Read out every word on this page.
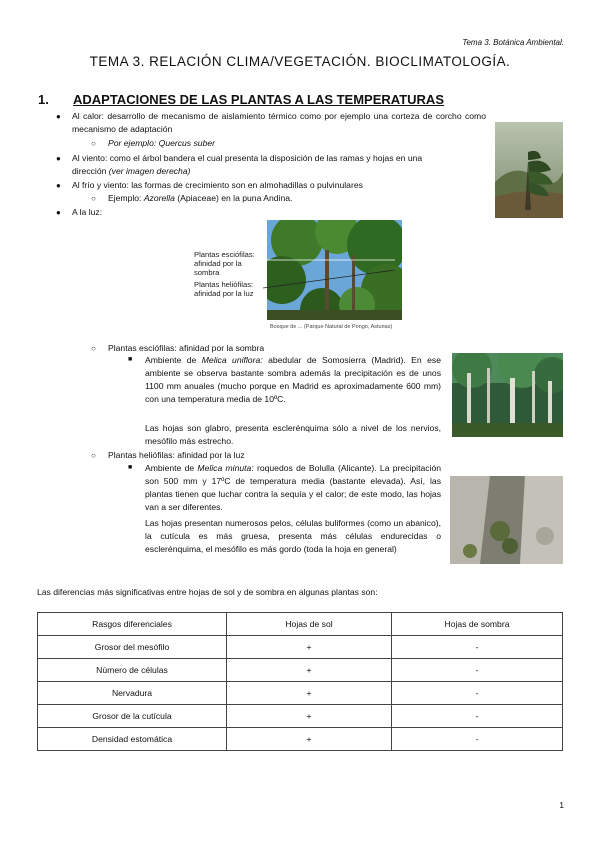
Tema 3. Botánica Ambiental.
TEMA 3. RELACIÓN CLIMA/VEGETACIÓN. BIOCLIMATOLOGÍA.
1. ADAPTACIONES DE LAS PLANTAS A LAS TEMPERATURAS
● Al calor: desarrollo de mecanismo de aislamiento térmico como por ejemplo una corteza de corcho como mecanismo de adaptación
○ Por ejemplo: Quercus suber
● Al viento: como el árbol bandera el cual presenta la disposición de las ramas y hojas en una
dirección (ver imagen derecha)
● Al frío y viento: las formas de crecimiento son en almohadillas o pulvinulares
○ Ejemplo: Azorella (Apiaceae) en la puna Andina.
● A la luz:
Plantas esciófilas: afinidad por la sombra
Plantas heliófilas: afinidad por la luz
Bosque de ... (Parque Natural de Pongo, Asturias)
○ Plantas esciófilas: afinidad por la sombra
■ Ambiente de Melica uniflora: abedular de Somosierra (Madrid). En ese ambiente se observa bastante sombra además la precipitación es de unos 1100 mm anuales (mucho porque en Madrid es aproximadamente 600 mm) con una temperatura media de 10ºC.
Las hojas son glabro, presenta esclerénquima sólo a nivel de los nervios, mesófilo más estrecho.
○ Plantas heliófilas: afinidad por la luz
■ Ambiente de Melica minuta: roquedos de Bolulla (Alicante). La precipitación son 500 mm y 17ºC de temperatura media (bastante elevada). Así, las plantas tienen que luchar contra la sequía y el calor; de este modo, las hojas van a ser diferentes.
Las hojas presentan numerosos pelos, células buliformes (como un abanico), la cutícula es más gruesa, presenta más células endurecidas o esclerénquima, el mesófilo es más gordo (toda la hoja en general)
Las diferencias más significativas entre hojas de sol y de sombra en algunas plantas son:
Rasgos diferenciales	Hojas de sol	Hojas de sombra
Grosor del mesófilo	+	-
Número de células	+	-
Nervadura	+	-
Grosor de la cutícula	+	-
Densidad estomática	+	-
1
